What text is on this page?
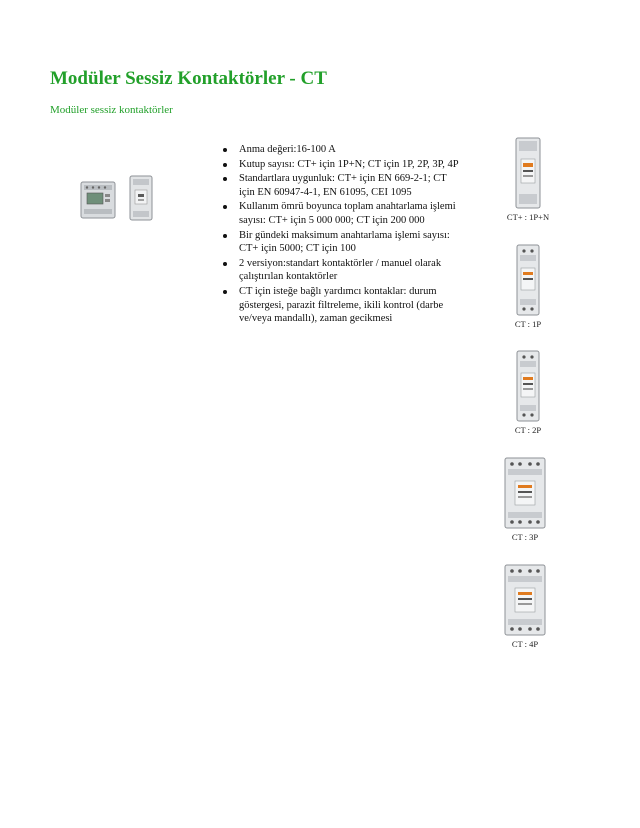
Modüler Sessiz Kontaktörler - CT

Modüler sessiz kontaktörler

Anma değeri:16-100 A
Kutup sayısı: CT+ için 1P+N; CT için 1P, 2P, 3P, 4P
Standartlara uygunluk: CT+ için EN 669-2-1; CT için EN 60947-4-1, EN 61095, CEI 1095
Kullanım ömrü boyunca toplam anahtarlama işlemi sayısı: CT+ için 5 000 000; CT için 200 000
Bir gündeki maksimum anahtarlama işlemi sayısı: CT+ için 5000; CT için 100
2 versiyon:standart kontaktörler / manuel olarak çalıştırılan kontaktörler
CT için isteğe bağlı yardımcı kontaklar: durum göstergesi, parazit filtreleme, ikili kontrol (darbe ve/veya mandallı), zaman gecikmesi
CT+ : 1P+N
CT : 1P
CT : 2P
CT : 3P
CT : 4P
